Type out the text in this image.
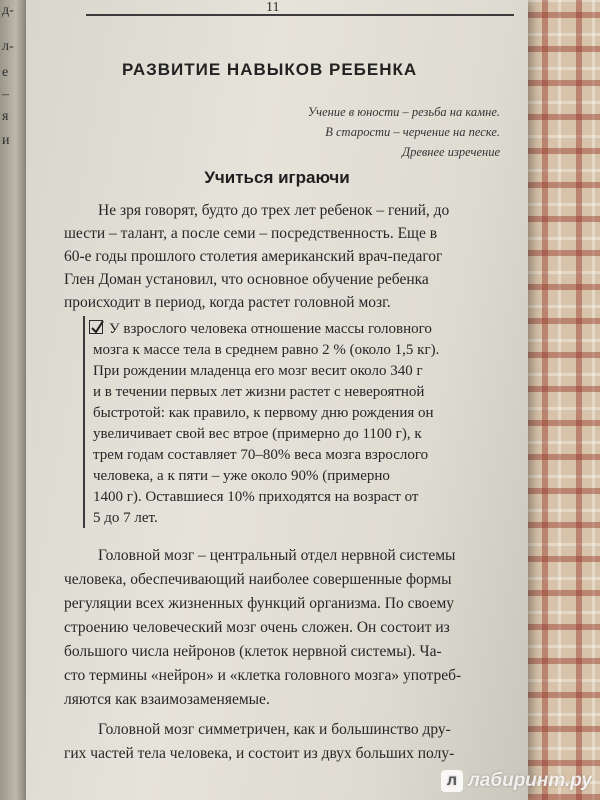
д-
л-
е
–
я
и
11
РАЗВИТИЕ НАВЫКОВ РЕБЕНКА
Учение в юности – резьба на камне.
В старости – черчение на песке.
Древнее изречение
Учиться играючи
Не зря говорят, будто до трех лет ребенок – гений, до
шести – талант, а после семи – посредственность. Еще в
60-е годы прошлого столетия американский врач-педагог
Глен Доман установил, что основное обучение ребенка
происходит в период, когда растет головной мозг.
У взрослого человека отношение массы головного
мозга к массе тела в среднем равно 2 % (около 1,5 кг).
При рождении младенца его мозг весит около 340 г
и в течении первых лет жизни растет с невероятной
быстротой: как правило, к первому дню рождения он
увеличивает свой вес втрое (примерно до 1100 г), к
трем годам составляет 70–80% веса мозга взрослого
человека, а к пяти – уже около 90% (примерно
1400 г). Оставшиеся 10% приходятся на возраст от
5 до 7 лет.
Головной мозг – центральный отдел нервной системы
человека, обеспечивающий наиболее совершенные формы
регуляции всех жизненных функций организма. По своему
строению человеческий мозг очень сложен. Он состоит из
большого числа нейронов (клеток нервной системы). Ча-
сто термины «нейрон» и «клетка головного мозга» употреб-
ляются как взаимозаменяемые.
Головной мозг симметричен, как и большинство дру-
гих частей тела человека, и состоит из двух больших полу-
л лабиринт.ру
